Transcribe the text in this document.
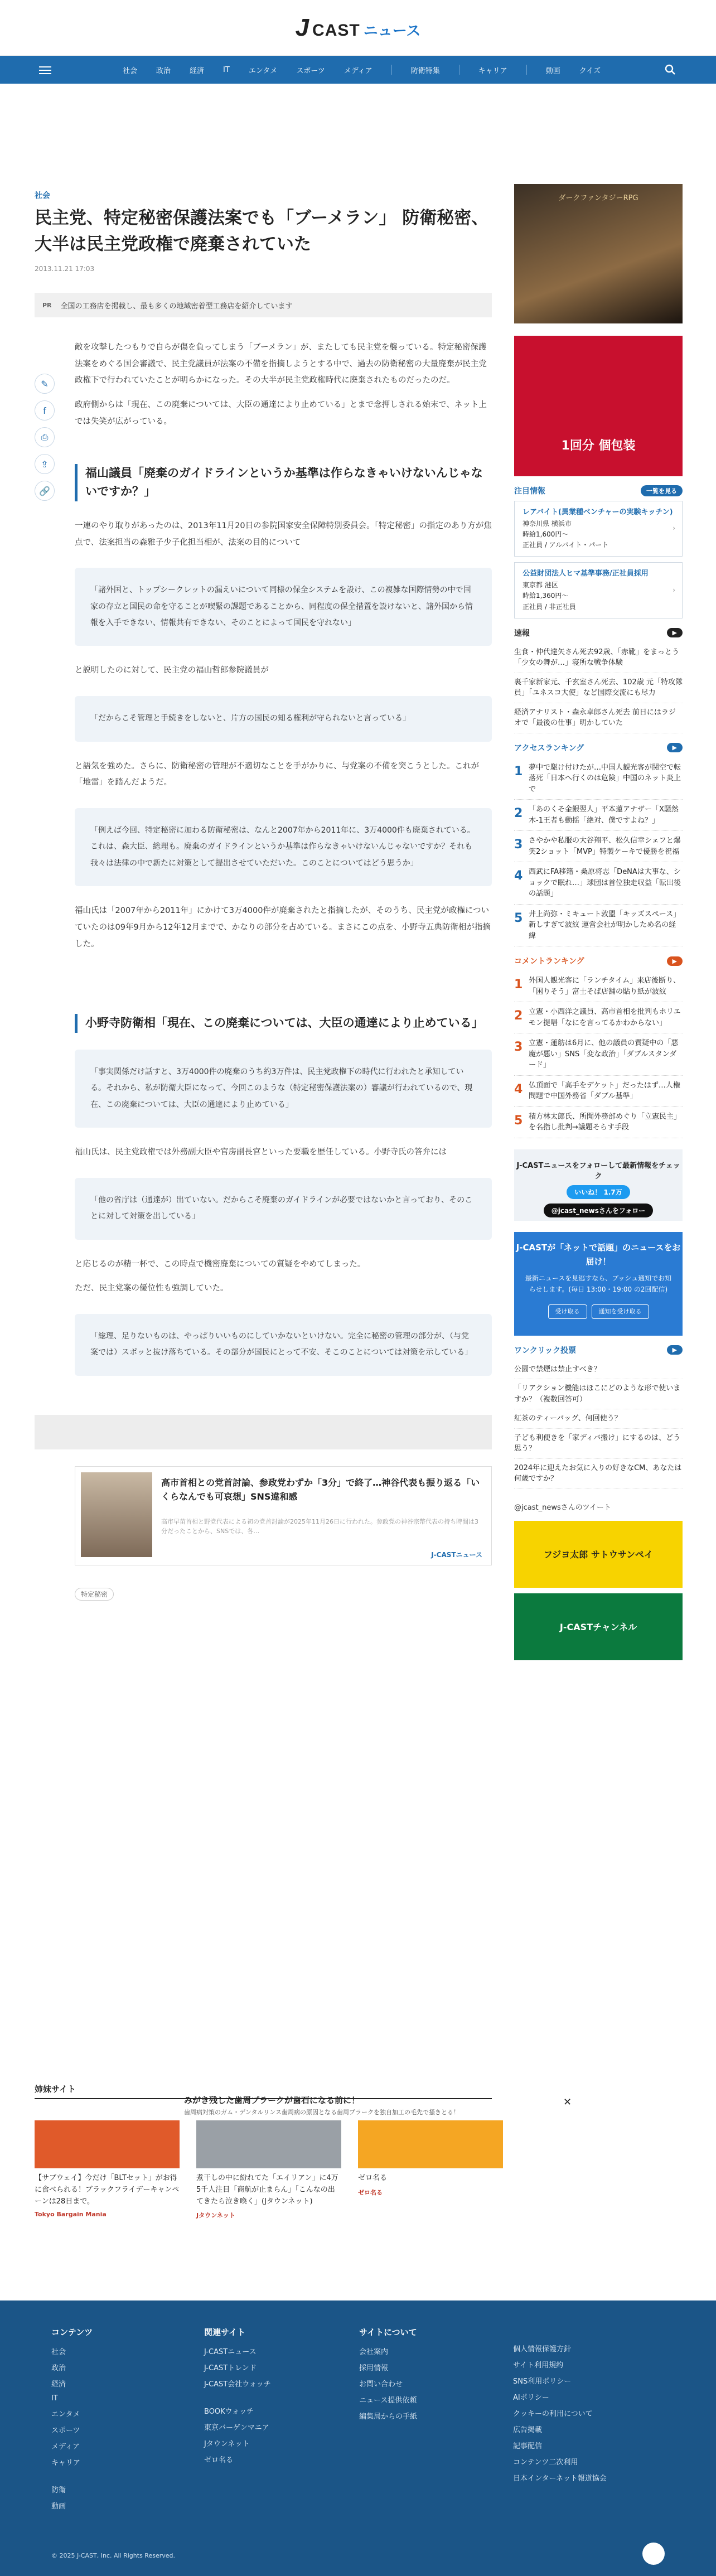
J CAST ニュース
社会	政治	経済	IT	エンタメ	スポーツ	メディア	防衛特集	キャリア	動画	クイズ
社会
民主党、特定秘密保護法案でも「ブーメラン」 防衛秘密、大半は民主党政権で廃棄されていた
2013.11.21 17:03
PR 全国の工務店を掲載し、最も多くの地域密着型工務店を紹介しています
✎
f
⎙
⇪
🔗

敵を攻撃したつもりで自らが傷を負ってしまう「ブーメラン」が、またしても民主党を襲っている。特定秘密保護法案をめぐる国会審議で、民主党議員が法案の不備を指摘しようとする中で、過去の防衛秘密の大量廃棄が民主党政権下で行われていたことが明らかになった。その大半が民主党政権時代に廃棄されたものだったのだ。

政府側からは「現在、この廃棄については、大臣の通達により止めている」とまで念押しされる始末で、ネット上では失笑が広がっている。

福山議員「廃棄のガイドラインというか基準は作らなきゃいけないんじゃないですか？」

一連のやり取りがあったのは、2013年11月20日の参院国家安全保障特別委員会。「特定秘密」の指定のあり方が焦点で、法案担当の森雅子少子化担当相が、法案の目的について

「諸外国と、トップシークレットの漏えいについて同様の保全システムを設け、この複雑な国際情勢の中で国家の存立と国民の命を守ることが喫緊の課題であることから、同程度の保全措置を設けないと、諸外国から情報を入手できない、情報共有できない、そのことによって国民を守れない」

と説明したのに対して、民主党の福山哲郎参院議員が

「だからこそ管理と手続きをしないと、片方の国民の知る権利が守られないと言っている」

と語気を強めた。さらに、防衛秘密の管理が不適切なことを手がかりに、与党案の不備を突こうとした。これが「地雷」を踏んだようだ。

「例えば今回、特定秘密に加わる防衛秘密は、なんと2007年から2011年に、3万4000件も廃棄されている。これは、森大臣、総理も。廃棄のガイドラインというか基準は作らなきゃいけないんじゃないですか？それも我々は法律の中で新たに対策として提出させていただいた。このことについてはどう思うか」

福山氏は「2007年から2011年」にかけて3万4000件が廃棄されたと指摘したが、そのうち、民主党が政権についていたのは09年9月から12年12月までで、かなりの部分を占めている。まさにこの点を、小野寺五典防衛相が指摘した。

小野寺防衛相「現在、この廃棄については、大臣の通達により止めている」
「事実関係だけ話すと、3万4000件の廃棄のうち約3万件は、民主党政権下の時代に行われたと承知している。それから、私が防衛大臣になって、今回このような（特定秘密保護法案の）審議が行われているので、現在、この廃棄については、大臣の通達により止めている」

福山氏は、民主党政権では外務副大臣や官房副長官といった要職を歴任している。小野寺氏の答弁には

「他の省庁は（通達が）出ていない。だからこそ廃棄のガイドラインが必要ではないかと言っており、そのことに対して対策を出している」

と応じるのが精一杯で、この時点で機密廃棄についての質疑をやめてしまった。

ただ、民主党案の優位性も強調していた。

「総理、足りないものは、やっぱりいいものにしていかないといけない。完全に秘密の管理の部分が、（与党案では）スポッと抜け落ちている。その部分が国民にとって不安、そこのことについては対策を示している」
高市首相との党首討論、参政党わずか「3分」で終了…神谷代表も振り返る「いくらなんでも可哀想」SNS違和感
高市早苗首相と野党代表による初の党首討論が2025年11月26日に行われた。参政党の神谷宗幣代表の持ち時間は3分だったことから、SNSでは、各…
J-CASTニュース
特定秘密
ダークファンタジーRPG
1回分 個包装
注目情報	一覧を見る
レアバイト(異業種ベンチャーの実験キッチン)
神奈川県 横浜市
時給1,600円〜
正社員 / アルバイト・パート
›
公益財団法人ヒマ基準事務/正社員採用
東京都 港区
時給1,360円〜
正社員 / 非正社員
›
速報	▶
生食・仲代達矢さん死去92歳、「赤靴」をまっとう「少女の舞が…」寝所な戦争体験
裏千家新家元、千玄室さん死去、102歳 元「特攻隊員」「ユネスコ大使」など国際交流にも尽力
経済アナリスト・森永卓郎さん死去 前日にはラジオで「最後の仕事」明かしていた
アクセスランキング	▶
1 夢中で駆け付けたが…中国人観光客が関空で転落死「日本へ行くのは危険」中国のネット炎上で
2 「あのくそ金銀翌人」平本蓮アナザー「X騒然 木-1王者も動揺「絶対、僕ですよね？」
3 さやかや私服の大谷翔平、松久信幸シェフと爆笑2ショット「MVP」特製ケーキで優勝を祝福
4 西武にFA移籍・桑原将志「DeNAは大事な、ショックで眠れ…」球団は首位独走収益「転出後の話題」
5 井上尚弥・ミキュート敦盟「キッズスペース」新しすぎて波紋 運営会社が明かしため名の経緯
コメントランキング	▶
1 外国人観光客に「ランチタイム」来店後断り、「困りそう」富士そば店舗の貼り紙が波紋
2 立憲・小西洋之議員、高市首相を批判もホリエモン提唱「なにを言ってるかわからない」
3 立憲・蓮舫は6月に、他の議員の質疑中の「悪魔が悪い」SNS「変な政治」「ダブルスタンダード」
4 仏頂面で「高手をデケット」だったはず…人権問題で中国外務省「ダブル基準」
5 積方林太郎氏、所聞外務部めぐり「立憲民主」を名指し批判→議題そらす手段
J-CASTニュースをフォローして最新情報をチェック
いいね！ 1.7万
@jcast_newsさんをフォロー
J-CASTが「ネットで話題」のニュースをお届け！
最新ニュースを見逃すなら、プッシュ通知でお知らせします。(毎日 13:00・19:00 の2回配信)
受け取る	通知を受け取る
ワンクリック投票	▶
公園で禁煙は禁止すべき？
「リアクション機能はほこにどのような形で使いますか？（複数回答可）
紅茶のティーバッグ、何回使う？
子ども利便きを「家ディバ搬け」にするのは、どう思う？
2024年に迎えたお気に入りの好きなCM、あなたは何歳ですか？
@jcast_newsさんのツイート
フジヨ太郎 サトウサンペイ
J-CASTチャンネル
姉妹サイト
みがき残した歯周プラークが歯石になる前に！
歯周病対策のガム・デンタルリンス歯周病の原因となる歯周プラークを独自加工の毛先で掻きとる！
✕

【サブウェイ】今だけ「BLTセット」がお得に食べられる！ブラックフライデーキャンペーンは28日まで。

Tokyo Bargain Mania

煮干しの中に紛れてた「エイリアン」に4万5千人注目「商航が止まらん」「こんなの出てきたら泣き喚く」(Jタウンネット)

Jタウンネット

ゼロ名る

ゼロ名る
コンテンツ
社会
政治
経済
IT
エンタメ
スポーツ
メディア
キャリア
防衛
動画
関連サイト
J-CASTニュース
J-CASTトレンド
J-CAST会社ウォッチ
BOOKウォッチ
東京バーゲンマニア
Jタウンネット
ゼロ名る
サイトについて
会社案内
採用情報
お問い合わせ
ニュース提供依頼
編集局からの手紙
個人情報保護方針
サイト利用規約
SNS利用ポリシー
AIポリシー
クッキーの利用について
広告掲載
記事配信
コンテンツ二次利用
日本インターネット報道協会
© 2025 J-CAST, Inc. All Rights Reserved.
